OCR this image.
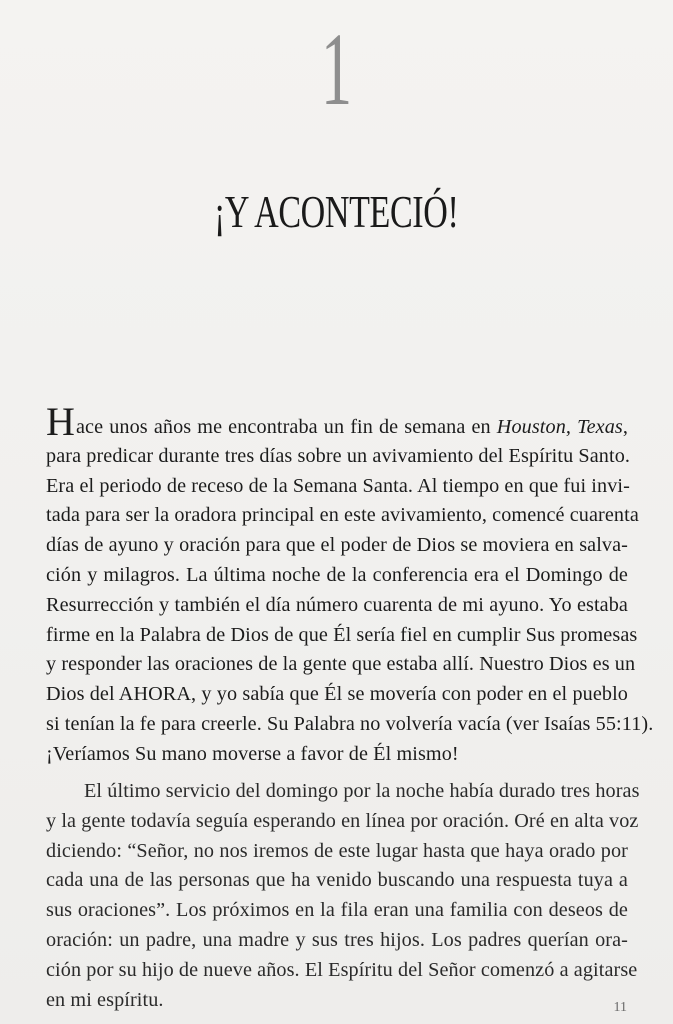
1
¡Y ACONTECIÓ!
Hace unos años me encontraba un fin de semana en Houston, Texas,
para predicar durante tres días sobre un avivamiento del Espíritu Santo.
Era el periodo de receso de la Semana Santa. Al tiempo en que fui invi-
tada para ser la oradora principal en este avivamiento, comencé cuarenta
días de ayuno y oración para que el poder de Dios se moviera en salva-
ción y milagros. La última noche de la conferencia era el Domingo de
Resurrección y también el día número cuarenta de mi ayuno. Yo estaba
firme en la Palabra de Dios de que Él sería fiel en cumplir Sus promesas
y responder las oraciones de la gente que estaba allí. Nuestro Dios es un
Dios del AHORA, y yo sabía que Él se movería con poder en el pueblo
si tenían la fe para creerle. Su Palabra no volvería vacía (ver Isaías 55:11).
¡Veríamos Su mano moverse a favor de Él mismo!
El último servicio del domingo por la noche había durado tres horas
y la gente todavía seguía esperando en línea por oración. Oré en alta voz
diciendo: “Señor, no nos iremos de este lugar hasta que haya orado por
cada una de las personas que ha venido buscando una respuesta tuya a
sus oraciones”. Los próximos en la fila eran una familia con deseos de
oración: un padre, una madre y sus tres hijos. Los padres querían ora-
ción por su hijo de nueve años. El Espíritu del Señor comenzó a agitarse
en mi espíritu.	11
